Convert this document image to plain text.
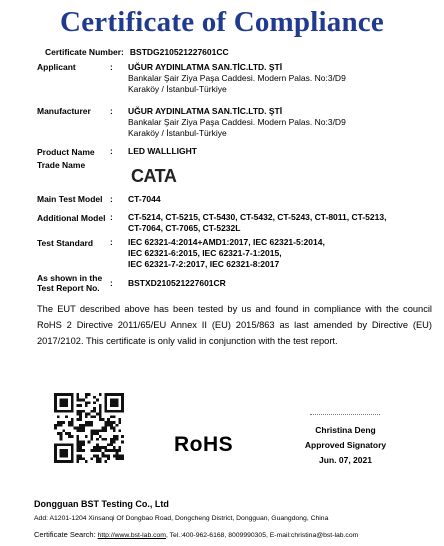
Certificate of Compliance
Certificate Number: BSTDG210521227601CC
Applicant	: UĞUR AYDINLATMA SAN.TİC.LTD. ŞTİ
Bankalar Şair Ziya Paşa Caddesi. Modern Palas. No:3/D9
Karaköy / İstanbul-Türkiye
Manufacturer : UĞUR AYDINLATMA SAN.TİC.LTD. ŞTİ
Bankalar Şair Ziya Paşa Caddesi. Modern Palas. No:3/D9
Karaköy / İstanbul-Türkiye
Product Name : LED WALLLIGHT
Trade Name
CATA
Main Test Model : CT-7044
Additional Model : CT-5214, CT-5215, CT-5430, CT-5432, CT-5243, CT-8011, CT-5213,
CT-7064, CT-7065, CT-5232L
Test Standard : IEC 62321-4:2014+AMD1:2017, IEC 62321-5:2014,
IEC 62321-6:2015, IEC 62321-7-1:2015,
IEC 62321-7-2:2017, IEC 62321-8:2017
As shown in the
Test Report No. : BSTXD210521227601CR
The EUT described above has been tested by us and found in compliance with the council RoHS 2 Directive 2011/65/EU Annex II (EU) 2015/863 as last amended by Directive (EU) 2017/2102. This certificate is only valid in conjunction with the test report.
RoHS
Christina Deng
Approved Signatory
Jun. 07, 2021
Dongguan BST Testing Co., Ltd
Add: A1201-1204 Xinsanqi Of Dongbao Road, Dongcheng District, Dongguan, Guangdong, China
Certificate Search: http://www.bst-lab.com, Tel.:400-962-6168, 8009990305, E-mail:christina@bst-lab.com
